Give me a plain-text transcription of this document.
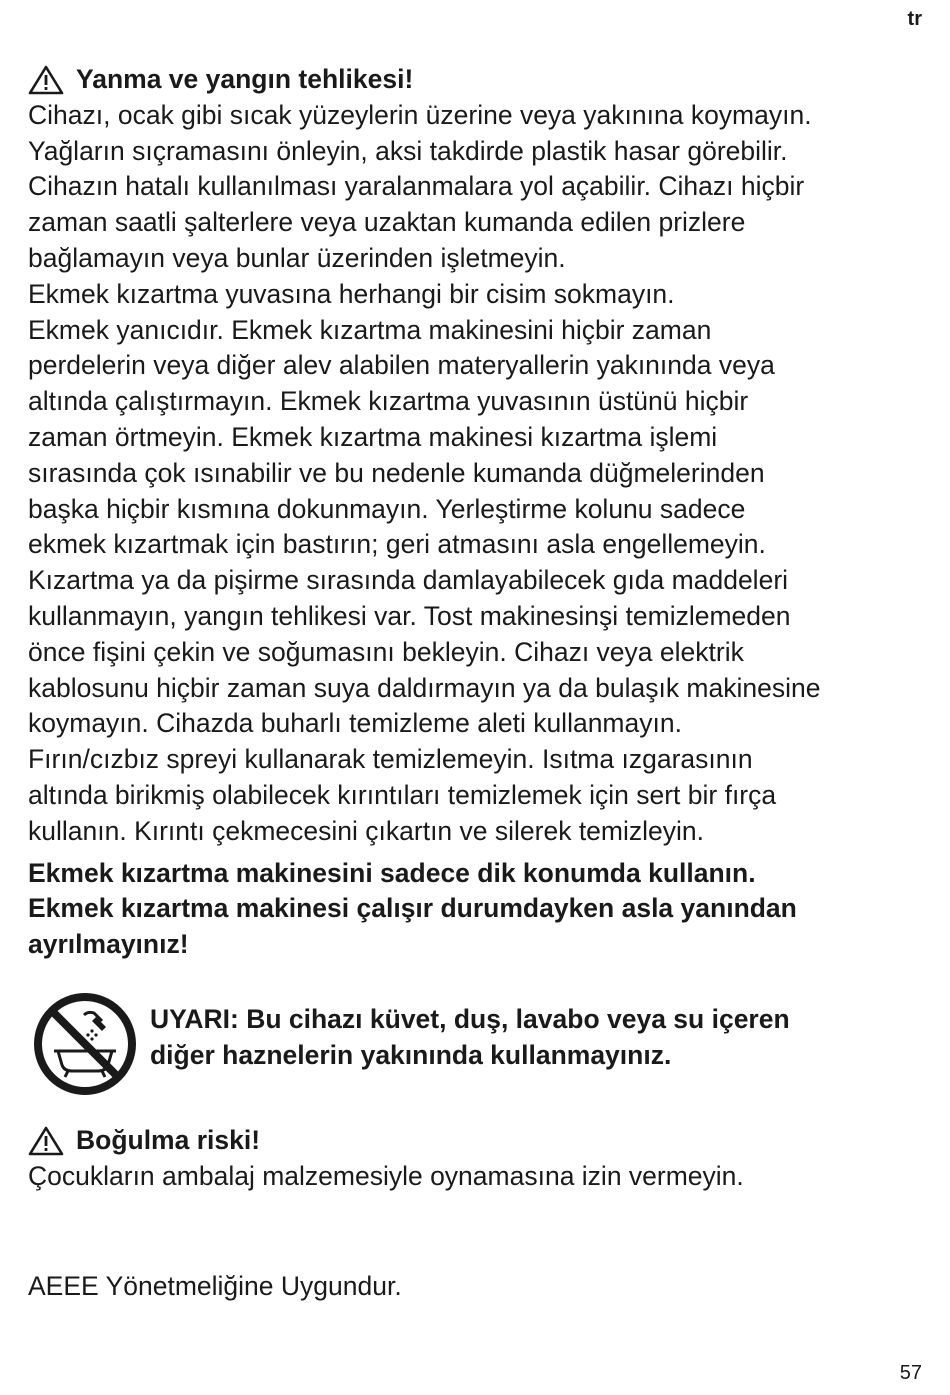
tr
Yanma ve yangın tehlikesi!
Cihazı, ocak gibi sıcak yüzeylerin üzerine veya yakınına koymayın.
Yağların sıçramasını önleyin, aksi takdirde plastik hasar görebilir.
Cihazın hatalı kullanılması yaralanmalara yol açabilir. Cihazı hiçbir
zaman saatli şalterlere veya uzaktan kumanda edilen prizlere
bağlamayın veya bunlar üzerinden işletmeyin.
Ekmek kızartma yuvasına herhangi bir cisim sokmayın.
Ekmek yanıcıdır. Ekmek kızartma makinesini hiçbir zaman
perdelerin veya diğer alev alabilen materyallerin yakınında veya
altında çalıştırmayın. Ekmek kızartma yuvasının üstünü hiçbir
zaman örtmeyin. Ekmek kızartma makinesi kızartma işlemi
sırasında çok ısınabilir ve bu nedenle kumanda düğmelerinden
başka hiçbir kısmına dokunmayın. Yerleştirme kolunu sadece
ekmek kızartmak için bastırın; geri atmasını asla engellemeyin.
Kızartma ya da pişirme sırasında damlayabilecek gıda maddeleri
kullanmayın, yangın tehlikesi var. Tost makinesinşi temizlemeden
önce fişini çekin ve soğumasını bekleyin. Cihazı veya elektrik
kablosunu hiçbir zaman suya daldırmayın ya da bulaşık makinesine
koymayın. Cihazda buharlı temizleme aleti kullanmayın.
Fırın/cızbız spreyi kullanarak temizlemeyin. Isıtma ızgarasının
altında birikmiş olabilecek kırıntıları temizlemek için sert bir fırça
kullanın. Kırıntı çekmecesini çıkartın ve silerek temizleyin.
Ekmek kızartma makinesini sadece dik konumda kullanın.
Ekmek kızartma makinesi çalışır durumdayken asla yanından
ayrılmayınız!
UYARI: Bu cihazı küvet, duş, lavabo veya su içeren
diğer haznelerin yakınında kullanmayınız.
Boğulma riski!
Çocukların ambalaj malzemesiyle oynamasına izin vermeyin.
AEEE Yönetmeliğine Uygundur.
57
